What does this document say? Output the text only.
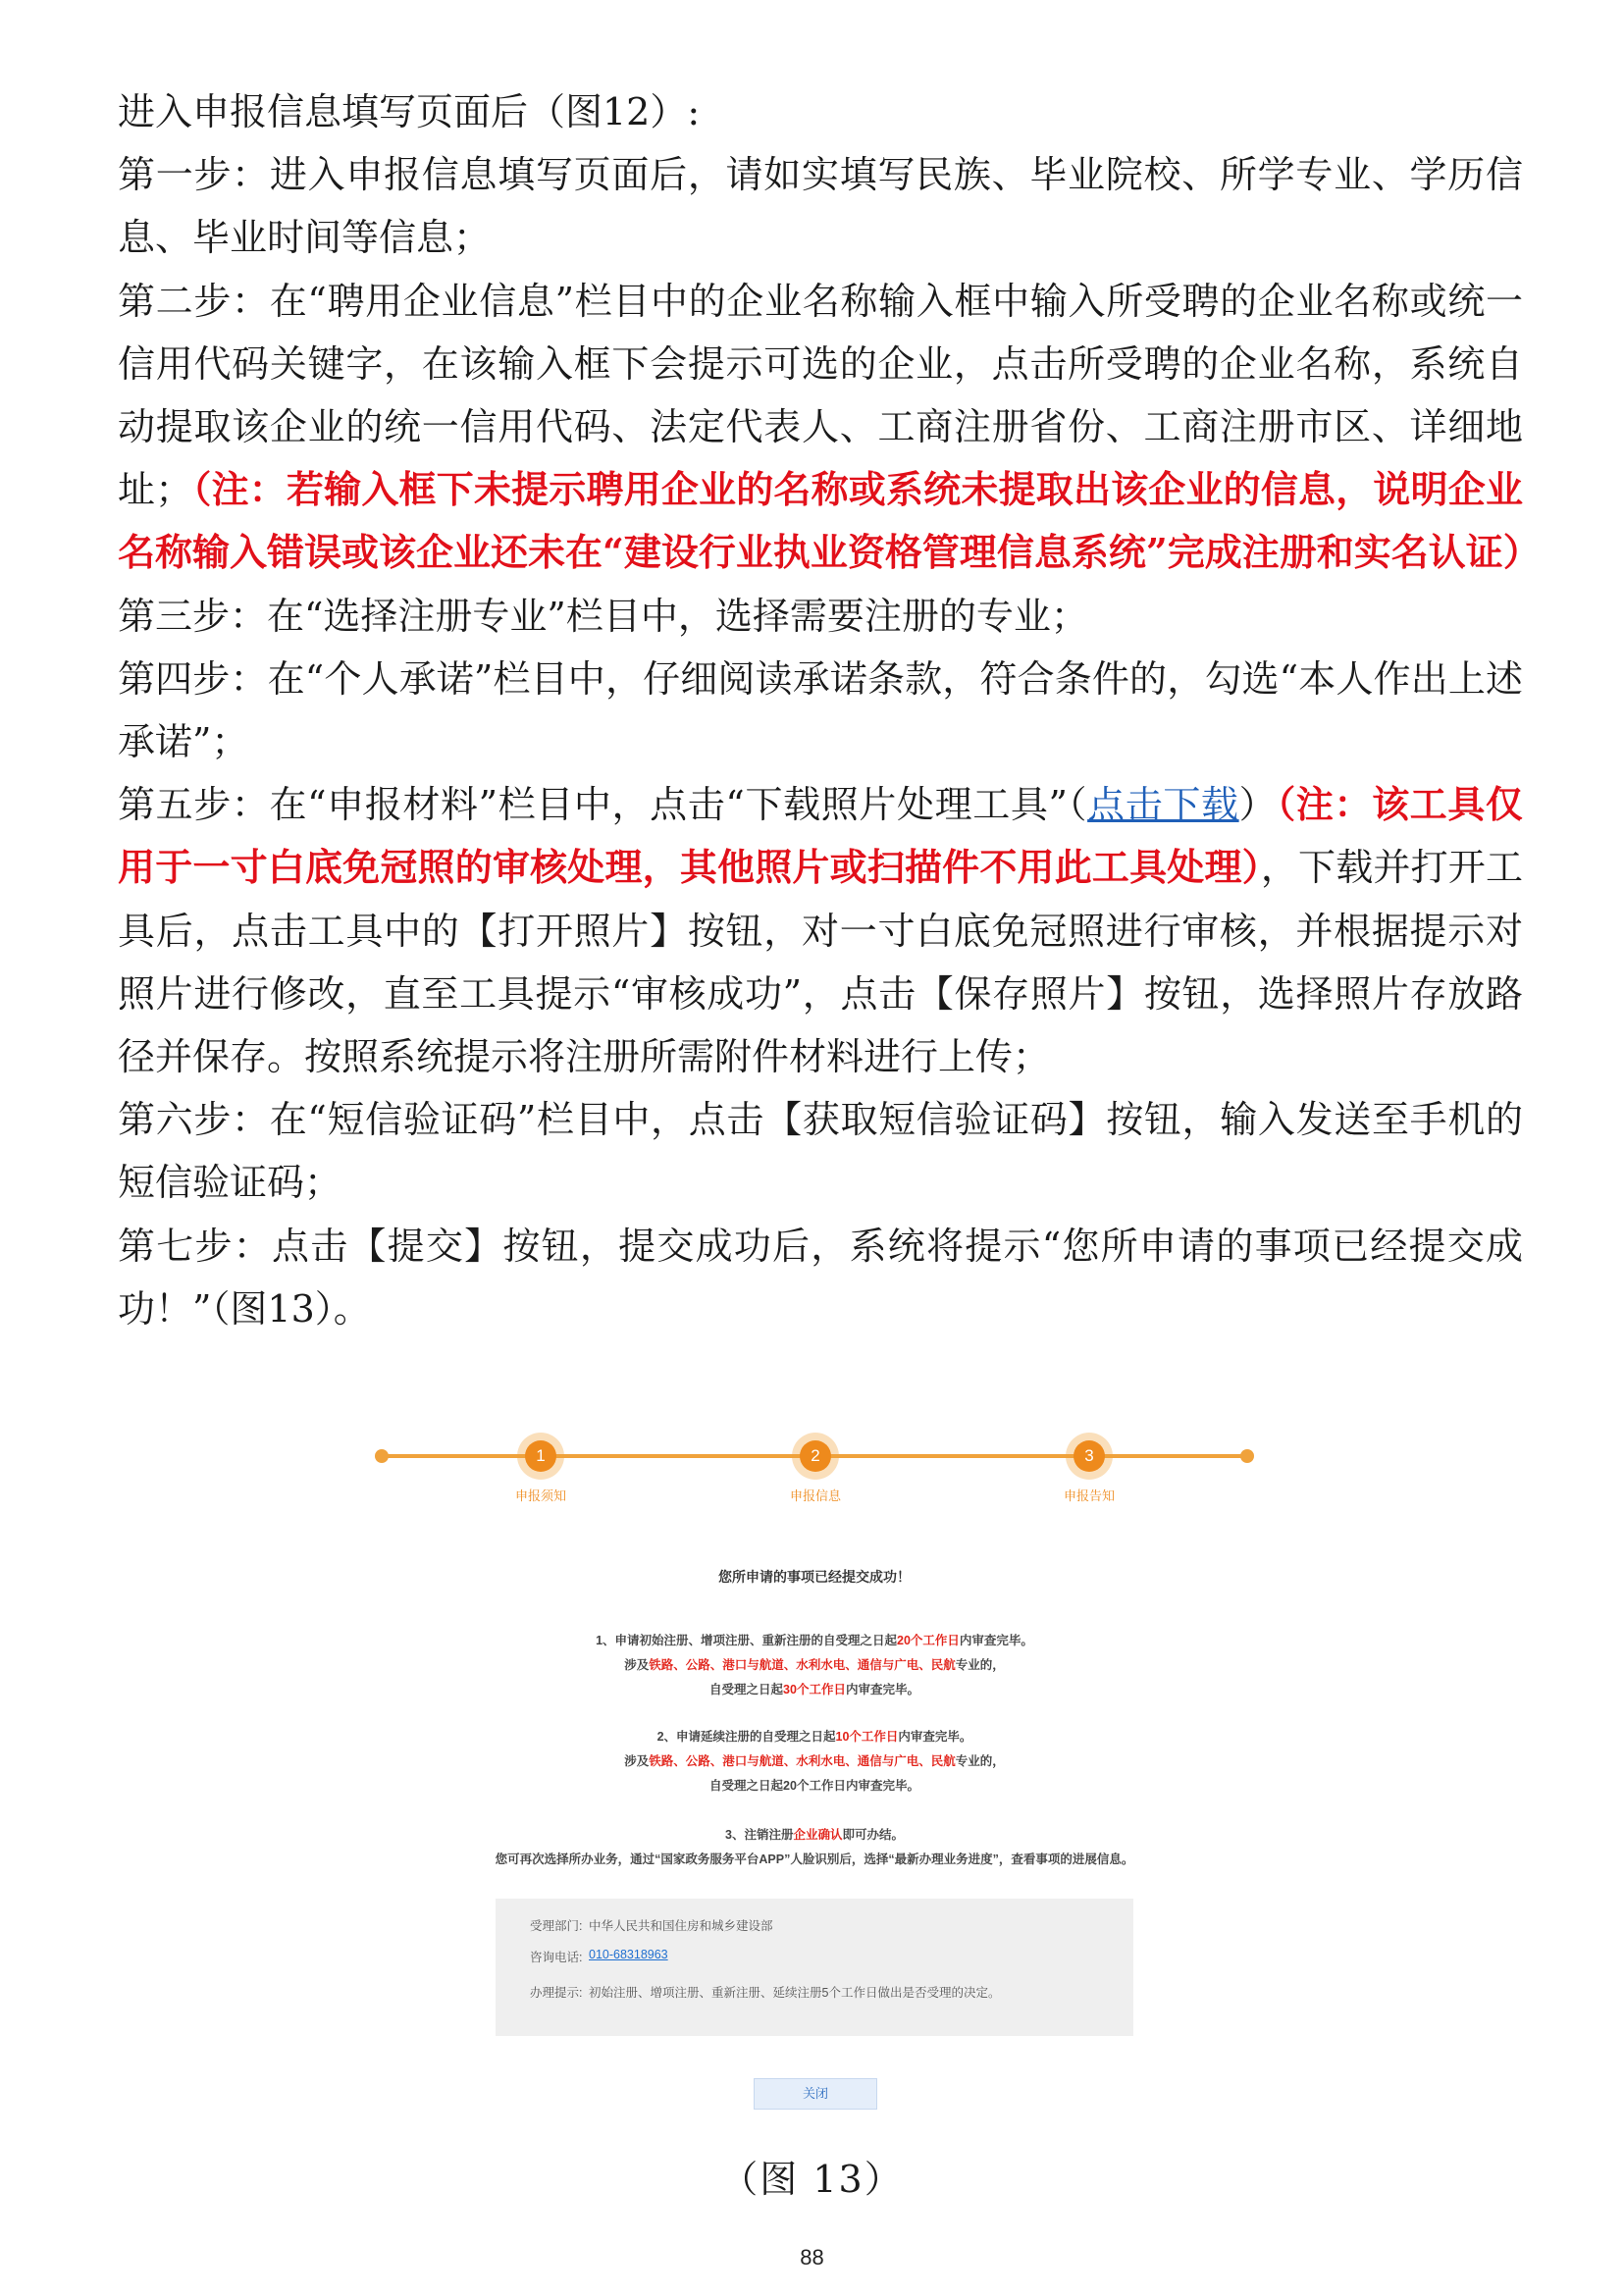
进入申报信息填写页面后（图12）:

第一步：进入申报信息填写页面后，请如实填写民族、毕业院校、所学专业、学历信息、毕业时间等信息；

第二步：在“聘用企业信息”栏目中的企业名称输入框中输入所受聘的企业名称或统一信用代码关键字，在该输入框下会提示可选的企业，点击所受聘的企业名称，系统自动提取该企业的统一信用代码、法定代表人、工商注册省份、工商注册市区、详细地址；（注：若输入框下未提示聘用企业的名称或系统未提取出该企业的信息，说明企业名称输入错误或该企业还未在“建设行业执业资格管理信息系统”完成注册和实名认证）

第三步：在“选择注册专业”栏目中，选择需要注册的专业；

第四步：在“个人承诺”栏目中，仔细阅读承诺条款，符合条件的，勾选“本人作出上述承诺”；

第五步：在“申报材料”栏目中，点击“下载照片处理工具”（点击下载）（注：该工具仅用于一寸白底免冠照的审核处理，其他照片或扫描件不用此工具处理），下载并打开工具后，点击工具中的【打开照片】按钮，对一寸白底免冠照进行审核，并根据提示对照片进行修改，直至工具提示“审核成功”，点击【保存照片】按钮，选择照片存放路径并保存。按照系统提示将注册所需附件材料进行上传；

第六步：在“短信验证码”栏目中，点击【获取短信验证码】按钮，输入发送至手机的短信验证码；

第七步：点击【提交】按钮，提交成功后，系统将提示“您所申请的事项已经提交成功！”（图13）。

1
申报须知
2
申报信息
3
申报告知
您所申请的事项已经提交成功！
1、申请初始注册、增项注册、重新注册的自受理之日起20个工作日内审查完毕。
涉及铁路、公路、港口与航道、水利水电、通信与广电、民航专业的，
自受理之日起30个工作日内审查完毕。
2、申请延续注册的自受理之日起10个工作日内审查完毕。
涉及铁路、公路、港口与航道、水利水电、通信与广电、民航专业的，
自受理之日起20个工作日内审查完毕。
3、注销注册企业确认即可办结。
您可再次选择所办业务，通过“国家政务服务平台APP”人脸识别后，选择“最新办理业务进度”，查看事项的进展信息。
受理部门: 中华人民共和国住房和城乡建设部
咨询电话: 010-68318963
办理提示: 初始注册、增项注册、重新注册、延续注册5个工作日做出是否受理的决定。
关闭
（图 13）
88
